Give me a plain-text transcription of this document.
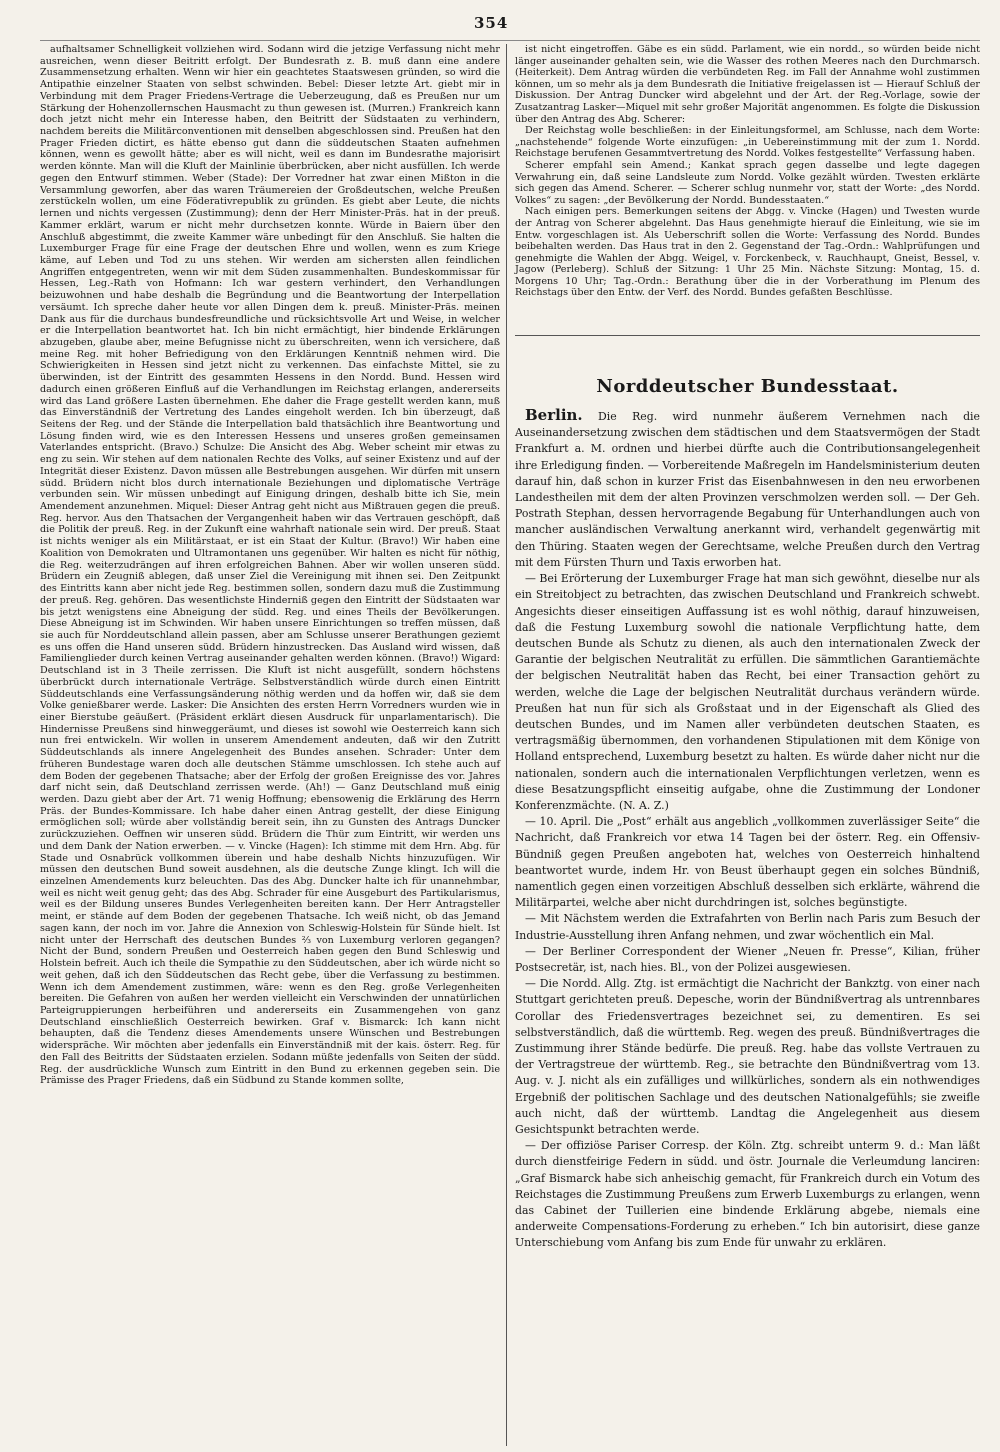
354

aufhaltsamer Schnelligkeit vollziehen wird. Sodann wird die jetzige Verfassung nicht mehr ausreichen, wenn dieser Beitritt erfolgt. Der Bundesrath z. B. muß dann eine andere Zusammensetzung erhalten. Wenn wir hier ein geachtetes Staatswesen gründen, so wird die Antipathie einzelner Staaten von selbst schwinden. Bebel: Dieser letzte Art. giebt mir in Verbindung mit dem Prager Friedens-Vertrage die Ueberzeugung, daß es Preußen nur um Stärkung der Hohenzollernschen Hausmacht zu thun gewesen ist. (Murren.) Frankreich kann doch jetzt nicht mehr ein Interesse haben, den Beitritt der Südstaaten zu verhindern, nachdem bereits die Militärconventionen mit denselben abgeschlossen sind. Preußen hat den Prager Frieden dictirt, es hätte ebenso gut dann die süddeutschen Staaten aufnehmen können, wenn es gewollt hätte; aber es will nicht, weil es dann im Bundesrathe majorisirt werden könnte. Man will die Kluft der Mainlinie überbrücken, aber nicht ausfüllen. Ich werde gegen den Entwurf stimmen. Weber (Stade): Der Vorredner hat zwar einen Mißton in die Versammlung geworfen, aber das waren Träumereien der Großdeutschen, welche Preußen zerstückeln wollen, um eine Föderativrepublik zu gründen. Es giebt aber Leute, die nichts lernen und nichts vergessen (Zustimmung); denn der Herr Minister-Präs. hat in der preuß. Kammer erklärt, warum er nicht mehr durchsetzen konnte. Würde in Baiern über den Anschluß abgestimmt, die zweite Kammer wäre unbedingt für den Anschluß. Sie halten die Luxemburger Frage für eine Frage der deutschen Ehre und wollen, wenn es zum Kriege käme, auf Leben und Tod zu uns stehen. Wir werden am sichersten allen feindlichen Angriffen entgegentreten, wenn wir mit dem Süden zusammenhalten. Bundeskommissar für Hessen, Leg.-Rath von Hofmann: Ich war gestern verhindert, den Verhandlungen beizuwohnen und habe deshalb die Begründung und die Beantwortung der Interpellation versäumt. Ich spreche daher heute vor allen Dingen dem k. preuß. Minister-Präs. meinen Dank aus für die durchaus bundesfreundliche und rücksichtsvolle Art und Weise, in welcher er die Interpellation beantwortet hat. Ich bin nicht ermächtigt, hier bindende Erklärungen abzugeben, glaube aber, meine Befugnisse nicht zu überschreiten, wenn ich versichere, daß meine Reg. mit hoher Befriedigung von den Erklärungen Kenntniß nehmen wird. Die Schwierigkeiten in Hessen sind jetzt nicht zu verkennen. Das einfachste Mittel, sie zu überwinden, ist der Eintritt des gesammten Hessens in den Nordd. Bund. Hessen wird dadurch einen größeren Einfluß auf die Verhandlungen im Reichstag erlangen, andererseits wird das Land größere Lasten übernehmen. Ehe daher die Frage gestellt werden kann, muß das Einverständniß der Vertretung des Landes eingeholt werden. Ich bin überzeugt, daß Seitens der Reg. und der Stände die Interpellation bald thatsächlich ihre Beantwortung und Lösung finden wird, wie es den Interessen Hessens und unseres großen gemeinsamen Vaterlandes entspricht. (Bravo.) Schulze: Die Ansicht des Abg. Weber scheint mir etwas zu eng zu sein. Wir stehen auf dem nationalen Rechte des Volks, auf seiner Existenz und auf der Integrität dieser Existenz. Davon müssen alle Bestrebungen ausgehen. Wir dürfen mit unsern südd. Brüdern nicht blos durch internationale Beziehungen und diplomatische Verträge verbunden sein. Wir müssen unbedingt auf Einigung dringen, deshalb bitte ich Sie, mein Amendement anzunehmen. Miquel: Dieser Antrag geht nicht aus Mißtrauen gegen die preuß. Reg. hervor. Aus den Thatsachen der Vergangenheit haben wir das Vertrauen geschöpft, daß die Politik der preuß. Reg. in der Zukunft eine wahrhaft nationale sein wird. Der preuß. Staat ist nichts weniger als ein Militärstaat, er ist ein Staat der Kultur. (Bravo!) Wir haben eine Koalition von Demokraten und Ultramontanen uns gegenüber. Wir halten es nicht für nöthig, die Reg. weiterzudrängen auf ihren erfolgreichen Bahnen. Aber wir wollen unseren südd. Brüdern ein Zeugniß ablegen, daß unser Ziel die Vereinigung mit ihnen sei. Den Zeitpunkt des Eintritts kann aber nicht jede Reg. bestimmen sollen, sondern dazu muß die Zustimmung der preuß. Reg. gehören. Das wesentlichste Hinderniß gegen den Eintritt der Südstaaten war bis jetzt wenigstens eine Abneigung der südd. Reg. und eines Theils der Bevölkerungen. Diese Abneigung ist im Schwinden. Wir haben unsere Einrichtungen so treffen müssen, daß sie auch für Norddeutschland allein passen, aber am Schlusse unserer Berathungen geziemt es uns offen die Hand unseren südd. Brüdern hinzustrecken. Das Ausland wird wissen, daß Familienglieder durch keinen Vertrag auseinander gehalten werden können. (Bravo!) Wigard: Deutschland ist in 3 Theile zerrissen. Die Kluft ist nicht ausgefüllt, sondern höchstens überbrückt durch internationale Verträge. Selbstverständlich würde durch einen Eintritt Süddeutschlands eine Verfassungsänderung nöthig werden und da hoffen wir, daß sie dem Volke genießbarer werde. Lasker: Die Ansichten des ersten Herrn Vorredners wurden wie in einer Bierstube geäußert. (Präsident erklärt diesen Ausdruck für unparlamentarisch). Die Hindernisse Preußens sind hinweggeräumt, und dieses ist sowohl wie Oesterreich kann sich nun frei entwickeln. Wir wollen in unserem Amendement andeuten, daß wir den Zutritt Süddeutschlands als innere Angelegenheit des Bundes ansehen. Schrader: Unter dem früheren Bundestage waren doch alle deutschen Stämme umschlossen. Ich stehe auch auf dem Boden der gegebenen Thatsache; aber der Erfolg der großen Ereignisse des vor. Jahres darf nicht sein, daß Deutschland zerrissen werde. (Ah!) — Ganz Deutschland muß einig werden. Dazu giebt aber der Art. 71 wenig Hoffnung; ebensowenig die Erklärung des Herrn Präs. der Bundes-Kommissare. Ich habe daher einen Antrag gestellt, der diese Einigung ermöglichen soll; würde aber vollständig bereit sein, ihn zu Gunsten des Antrags Duncker zurückzuziehen. Oeffnen wir unseren südd. Brüdern die Thür zum Eintritt, wir werden uns und dem Dank der Nation erwerben. — v. Vincke (Hagen): Ich stimme mit dem Hrn. Abg. für Stade und Osnabrück vollkommen überein und habe deshalb Nichts hinzuzufügen. Wir müssen den deutschen Bund soweit ausdehnen, als die deutsche Zunge klingt. Ich will die einzelnen Amendements kurz beleuchten. Das des Abg. Duncker halte ich für unannehmbar, weil es nicht weit genug geht; das des Abg. Schrader für eine Ausgeburt des Partikularismus, weil es der Bildung unseres Bundes Verlegenheiten bereiten kann. Der Herr Antragsteller meint, er stände auf dem Boden der gegebenen Thatsache. Ich weiß nicht, ob das Jemand sagen kann, der noch im vor. Jahre die Annexion von Schleswig-Holstein für Sünde hielt. Ist nicht unter der Herrschaft des deutschen Bundes ⅔ von Luxemburg verloren gegangen? Nicht der Bund, sondern Preußen und Oesterreich haben gegen den Bund Schleswig und Holstein befreit. Auch ich theile die Sympathie zu den Süddeutschen, aber ich würde nicht so weit gehen, daß ich den Süddeutschen das Recht gebe, über die Verfassung zu bestimmen. Wenn ich dem Amendement zustimmen, wäre: wenn es den Reg. große Verlegenheiten bereiten. Die Gefahren von außen her werden vielleicht ein Verschwinden der unnatürlichen Parteigruppierungen herbeiführen und andererseits ein Zusammengehen von ganz Deutschland einschließlich Oesterreich bewirken. Graf v. Bismarck: Ich kann nicht behaupten, daß die Tendenz dieses Amendements unsere Wünschen und Bestrebungen widerspräche. Wir möchten aber jedenfalls ein Einverständniß mit der kais. österr. Reg. für den Fall des Beitritts der Südstaaten erzielen. Sodann müßte jedenfalls von Seiten der südd. Reg. der ausdrückliche Wunsch zum Eintritt in den Bund zu erkennen gegeben sein. Die Prämisse des Prager Friedens, daß ein Südbund zu Stande kommen sollte,

ist nicht eingetroffen. Gäbe es ein südd. Parlament, wie ein nordd., so würden beide nicht länger auseinander gehalten sein, wie die Wasser des rothen Meeres nach den Durchmarsch. (Heiterkeit). Dem Antrag würden die verbündeten Reg. im Fall der Annahme wohl zustimmen können, um so mehr als ja dem Bundesrath die Initiative freigelassen ist — Hierauf Schluß der Diskussion. Der Antrag Duncker wird abgelehnt und der Art. der Reg.-Vorlage, sowie der Zusatzantrag Lasker—Miquel mit sehr großer Majorität angenommen. Es folgte die Diskussion über den Antrag des Abg. Scherer:

Der Reichstag wolle beschließen: in der Einleitungsformel, am Schlusse, nach dem Worte: „nachstehende“ folgende Worte einzufügen: „in Uebereinstimmung mit der zum 1. Nordd. Reichstage berufenen Gesammtvertretung des Nordd. Volkes festgestellte“ Verfassung haben.

Scherer empfahl sein Amend.; Kankat sprach gegen dasselbe und legte dagegen Verwahrung ein, daß seine Landsleute zum Nordd. Volke gezählt würden. Twesten erklärte sich gegen das Amend. Scherer. — Scherer schlug nunmehr vor, statt der Worte: „des Nordd. Volkes“ zu sagen: „der Bevölkerung der Nordd. Bundesstaaten.“

Nach einigen pers. Bemerkungen seitens der Abgg. v. Vincke (Hagen) und Twesten wurde der Antrag von Scherer abgelehnt. Das Haus genehmigte hierauf die Einleitung, wie sie im Entw. vorgeschlagen ist. Als Ueberschrift sollen die Worte: Verfassung des Nordd. Bundes beibehalten werden. Das Haus trat in den 2. Gegenstand der Tag.-Ordn.: Wahlprüfungen und genehmigte die Wahlen der Abgg. Weigel, v. Forckenbeck, v. Rauchhaupt, Gneist, Bessel, v. Jagow (Perleberg). Schluß der Sitzung: 1 Uhr 25 Min. Nächste Sitzung: Montag, 15. d. Morgens 10 Uhr; Tag.-Ordn.: Berathung über die in der Vorberathung im Plenum des Reichstags über den Entw. der Verf. des Nordd. Bundes gefaßten Beschlüsse.

Norddeutscher Bundesstaat.

Berlin. Die Reg. wird nunmehr äußerem Vernehmen nach die Auseinandersetzung zwischen dem städtischen und dem Staatsvermögen der Stadt Frankfurt a. M. ordnen und hierbei dürfte auch die Contributionsangelegenheit ihre Erledigung finden. — Vorbereitende Maßregeln im Handelsministerium deuten darauf hin, daß schon in kurzer Frist das Eisenbahnwesen in den neu erworbenen Landestheilen mit dem der alten Provinzen verschmolzen werden soll. — Der Geh. Postrath Stephan, dessen hervorragende Begabung für Unterhandlungen auch von mancher ausländischen Verwaltung anerkannt wird, verhandelt gegenwärtig mit den Thüring. Staaten wegen der Gerechtsame, welche Preußen durch den Vertrag mit dem Fürsten Thurn und Taxis erworben hat.

— Bei Erörterung der Luxemburger Frage hat man sich gewöhnt, dieselbe nur als ein Streitobject zu betrachten, das zwischen Deutschland und Frankreich schwebt. Angesichts dieser einseitigen Auffassung ist es wohl nöthig, darauf hinzuweisen, daß die Festung Luxemburg sowohl die nationale Verpflichtung hatte, dem deutschen Bunde als Schutz zu dienen, als auch den internationalen Zweck der Garantie der belgischen Neutralität zu erfüllen. Die sämmtlichen Garantiemächte der belgischen Neutralität haben das Recht, bei einer Transaction gehört zu werden, welche die Lage der belgischen Neutralität durchaus verändern würde. Preußen hat nun für sich als Großstaat und in der Eigenschaft als Glied des deutschen Bundes, und im Namen aller verbündeten deutschen Staaten, es vertragsmäßig übernommen, den vorhandenen Stipulationen mit dem Könige von Holland entsprechend, Luxemburg besetzt zu halten. Es würde daher nicht nur die nationalen, sondern auch die internationalen Verpflichtungen verletzen, wenn es diese Besatzungspflicht einseitig aufgabe, ohne die Zustimmung der Londoner Konferenzmächte. (N. A. Z.)

— 10. April. Die „Post“ erhält aus angeblich „vollkommen zuverlässiger Seite“ die Nachricht, daß Frankreich vor etwa 14 Tagen bei der österr. Reg. ein Offensiv-Bündniß gegen Preußen angeboten hat, welches von Oesterreich hinhaltend beantwortet wurde, indem Hr. von Beust überhaupt gegen ein solches Bündniß, namentlich gegen einen vorzeitigen Abschluß desselben sich erklärte, während die Militärpartei, welche aber nicht durchdringen ist, solches begünstigte.

— Mit Nächstem werden die Extrafahrten von Berlin nach Paris zum Besuch der Industrie-Ausstellung ihren Anfang nehmen, und zwar wöchentlich ein Mal.

— Der Berliner Correspondent der Wiener „Neuen fr. Presse“, Kilian, früher Postsecretär, ist, nach hies. Bl., von der Polizei ausgewiesen.

— Die Nordd. Allg. Ztg. ist ermächtigt die Nachricht der Bankztg. von einer nach Stuttgart gerichteten preuß. Depesche, worin der Bündnißvertrag als untrennbares Corollar des Friedensvertrages bezeichnet sei, zu dementiren. Es sei selbstverständlich, daß die württemb. Reg. wegen des preuß. Bündnißvertrages die Zustimmung ihrer Stände bedürfe. Die preuß. Reg. habe das vollste Vertrauen zu der Vertragstreue der württemb. Reg., sie betrachte den Bündnißvertrag vom 13. Aug. v. J. nicht als ein zufälliges und willkürliches, sondern als ein nothwendiges Ergebniß der politischen Sachlage und des deutschen Nationalgefühls; sie zweifle auch nicht, daß der württemb. Landtag die Angelegenheit aus diesem Gesichtspunkt betrachten werde.

— Der offiziöse Pariser Corresp. der Köln. Ztg. schreibt unterm 9. d.: Man läßt durch dienstfeirige Federn in südd. und östr. Journale die Verleumdung lanciren: „Graf Bismarck habe sich anheischig gemacht, für Frankreich durch ein Votum des Reichstages die Zustimmung Preußens zum Erwerb Luxemburgs zu erlangen, wenn das Cabinet der Tuillerien eine bindende Erklärung abgebe, niemals eine anderweite Compensations-Forderung zu erheben.“ Ich bin autorisirt, diese ganze Unterschiebung vom Anfang bis zum Ende für unwahr zu erklären.
